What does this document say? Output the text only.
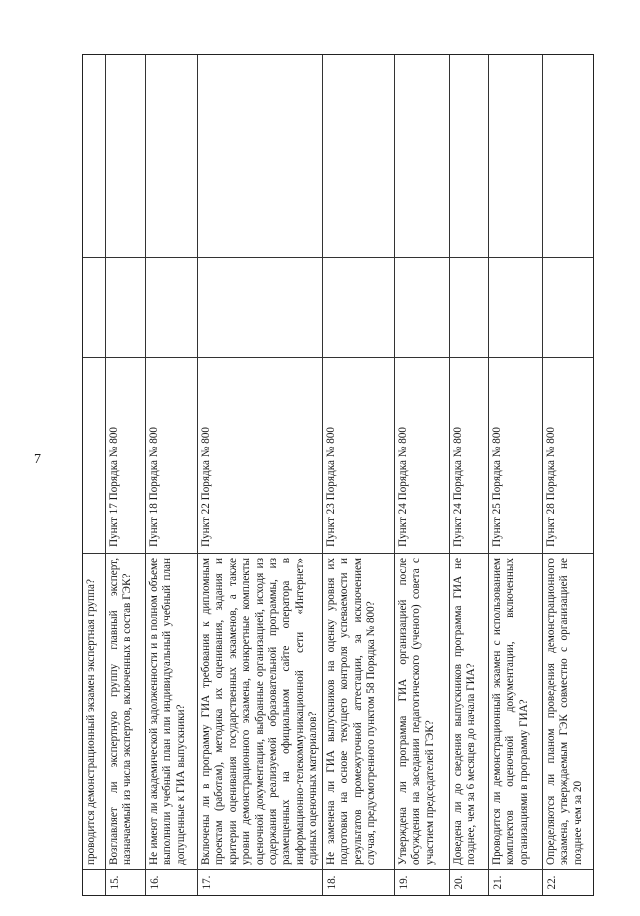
7
проводится демонстрационный экзамен экспертная группа?
15.
Возглавляет ли экспертную группу главный эксперт, назначаемый из числа экспертов, включенных в состав ГЭК?
Пункт 17 Порядка № 800
16.
Не имеют ли академической задолженности и в полном объеме выполнили учебный план или индивидуальный учебный план допущенные к ГИА выпускники?
Пункт 18 Порядка № 800
17.
Включены ли в программу ГИА требования к дипломным проектам (работам), методика их оценивания, задания и критерии оценивания государственных экзаменов, а также уровни демонстрационного экзамена, конкретные комплекты оценочной документации, выбранные организацией, исходя из содержания реализуемой образовательной программы, из размещенных на официальном сайте оператора в информационно-телекоммуникационной сети «Интернет» единых оценочных материалов?
Пункт 22 Порядка № 800
18.
Не заменена ли ГИА выпускников на оценку уровня их подготовки на основе текущего контроля успеваемости и результатов промежуточной аттестации, за исключением случая, предусмотренного пунктом 58 Порядка № 800?
Пункт 23 Порядка № 800
19.
Утверждена ли программа ГИА организацией после обсуждения на заседании педагогического (ученого) совета с участием председателей ГЭК?
Пункт 24 Порядка № 800
20.
Доведена ли до сведения выпускников программа ГИА не позднее, чем за 6 месяцев до начала ГИА?
Пункт 24 Порядка № 800
21.
Проводится ли демонстрационный экзамен с использованием комплектов оценочной документации, включенных организациями в программу ГИА?
Пункт 25 Порядка № 800
22.
Определяются ли планом проведения демонстрационного экзамена, утверждаемым ГЭК совместно с организацией не позднее чем за 20
Пункт 28 Порядка № 800
